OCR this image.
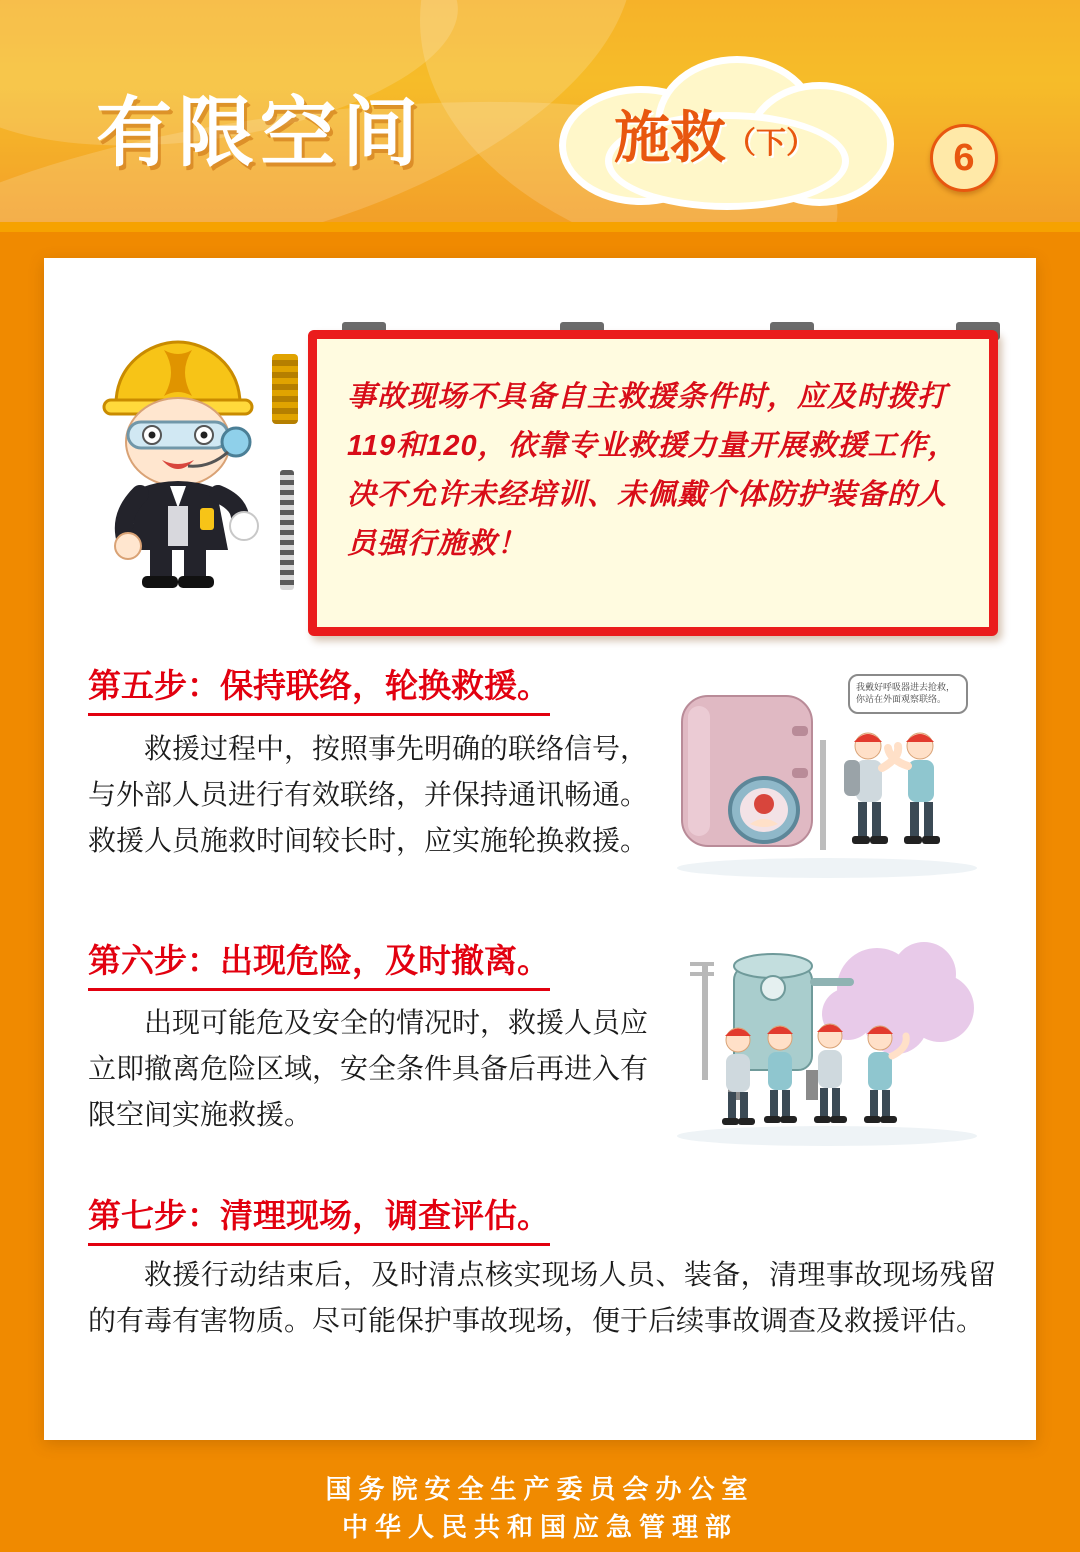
有限空间	施救（下）	6
事故现场不具备自主救援条件时，应及时拨打119和120，依靠专业救援力量开展救援工作，决不允许未经培训、未佩戴个体防护装备的人员强行施救！
第五步：保持联络，轮换救援。
救援过程中，按照事先明确的联络信号，与外部人员进行有效联络，并保持通讯畅通。救援人员施救时间较长时，应实施轮换救援。
我戴好呼吸器进去抢救，你站在外面观察联络。
第六步：出现危险，及时撤离。
出现可能危及安全的情况时，救援人员应立即撤离危险区域，安全条件具备后再进入有限空间实施救援。
第七步：清理现场，调查评估。
救援行动结束后，及时清点核实现场人员、装备，清理事故现场残留的有毒有害物质。尽可能保护事故现场，便于后续事故调查及救援评估。
国务院安全生产委员会办公室
中华人民共和国应急管理部
